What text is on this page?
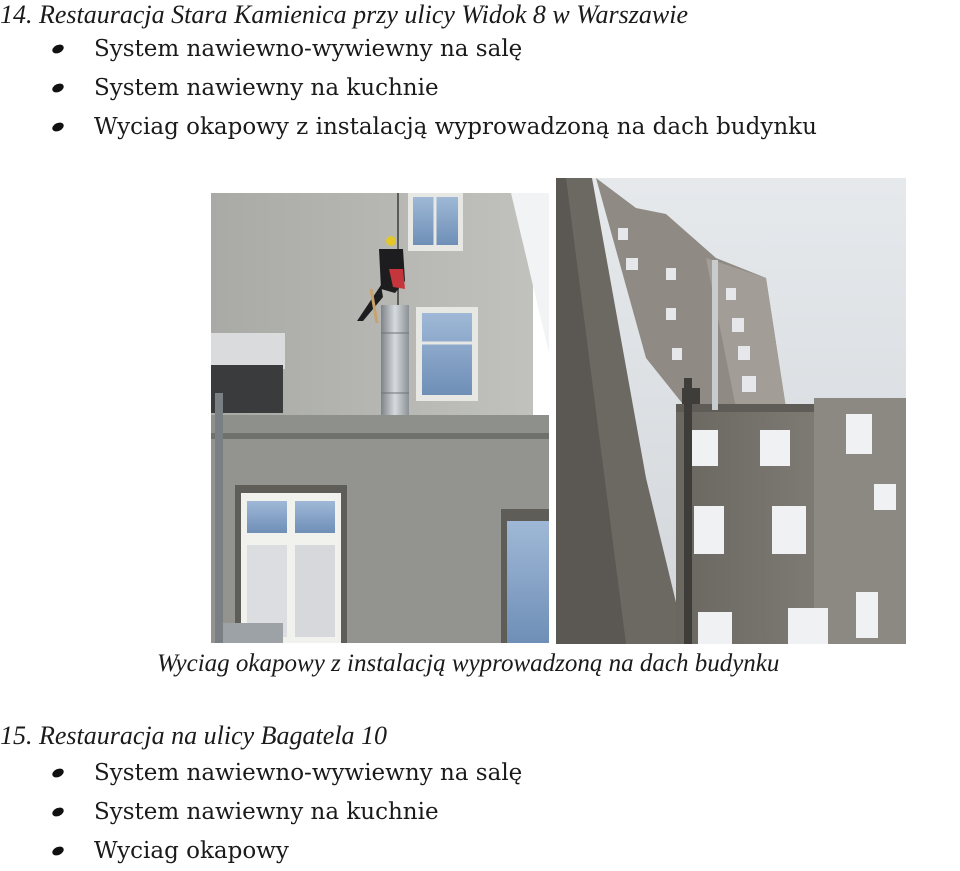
14. Restauracja Stara Kamienica przy ulicy Widok 8 w Warszawie
System nawiewno-wywiewny na salę
System nawiewny na kuchnie
Wyciag okapowy z instalacją wyprowadzoną na dach budynku
Wyciag okapowy z instalacją wyprowadzoną na dach budynku
15. Restauracja na ulicy Bagatela 10
System nawiewno-wywiewny na salę
System nawiewny na kuchnie
Wyciag okapowy
